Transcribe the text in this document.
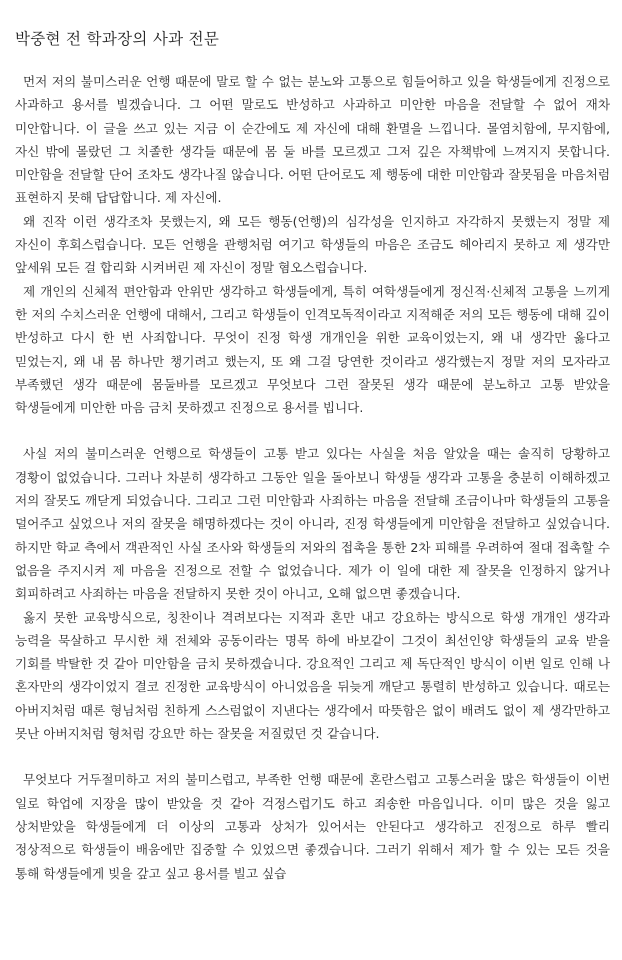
박중현 전 학과장의 사과 전문

먼저 저의 불미스러운 언행 때문에 말로 할 수 없는 분노와 고통으로 힘들어하고 있을 학생들에게 진정으로 사과하고 용서를 빌겠습니다. 그 어떤 말로도 반성하고 사과하고 미안한 마음을 전달할 수 없어 재차 미안합니다. 이 글을 쓰고 있는 지금 이 순간에도 제 자신에 대해 환멸을 느낍니다. 몰염치함에, 무지함에, 자신 밖에 몰랐던 그 치졸한 생각들 때문에 몸 둘 바를 모르겠고 그저 깊은 자책밖에 느껴지지 못합니다. 미안함을 전달할 단어 조차도 생각나질 않습니다. 어떤 단어로도 제 행동에 대한 미안함과 잘못됨을 마음처럼 표현하지 못해 답답합니다. 제 자신에.

왜 진작 이런 생각조차 못했는지, 왜 모든 행동(언행)의 심각성을 인지하고 자각하지 못했는지 정말 제 자신이 후회스럽습니다. 모든 언행을 관행처럼 여기고 학생들의 마음은 조금도 헤아리지 못하고 제 생각만 앞세워 모든 걸 합리화 시켜버린 제 자신이 정말 혐오스럽습니다.

제 개인의 신체적 편안함과 안위만 생각하고 학생들에게, 특히 여학생들에게 정신적·신체적 고통을 느끼게 한 저의 수치스러운 언행에 대해서, 그리고 학생들이 인격모독적이라고 지적해준 저의 모든 행동에 대해 깊이 반성하고 다시 한 번 사죄합니다. 무엇이 진정 학생 개개인을 위한 교육이었는지, 왜 내 생각만 옳다고 믿었는지, 왜 내 몸 하나만 챙기려고 했는지, 또 왜 그걸 당연한 것이라고 생각했는지 정말 저의 모자라고 부족했던 생각 때문에 몸둘바를 모르겠고 무엇보다 그런 잘못된 생각 때문에 분노하고 고통 받았을 학생들에게 미안한 마음 금치 못하겠고 진정으로 용서를 빕니다.

사실 저의 불미스러운 언행으로 학생들이 고통 받고 있다는 사실을 처음 알았을 때는 솔직히 당황하고 경황이 없었습니다. 그러나 차분히 생각하고 그동안 일을 돌아보니 학생들 생각과 고통을 충분히 이해하겠고 저의 잘못도 깨닫게 되었습니다. 그리고 그런 미안함과 사죄하는 마음을 전달해 조금이나마 학생들의 고통을 덜어주고 싶었으나 저의 잘못을 해명하겠다는 것이 아니라, 진정 학생들에게 미안함을 전달하고 싶었습니다. 하지만 학교 측에서 객관적인 사실 조사와 학생들의 저와의 접촉을 통한 2차 피해를 우려하여 절대 접촉할 수 없음을 주지시켜 제 마음을 진정으로 전할 수 없었습니다. 제가 이 일에 대한 제 잘못을 인정하지 않거나 회피하려고 사죄하는 마음을 전달하지 못한 것이 아니고, 오해 없으면 좋겠습니다.

옳지 못한 교육방식으로, 칭찬이나 격려보다는 지적과 혼만 내고 강요하는 방식으로 학생 개개인 생각과 능력을 묵살하고 무시한 채 전체와 공동이라는 명목 하에 바보같이 그것이 최선인양 학생들의 교육 받을 기회를 박탈한 것 같아 미안함을 금치 못하겠습니다. 강요적인 그리고 제 독단적인 방식이 이번 일로 인해 나 혼자만의 생각이었지 결코 진정한 교육방식이 아니었음을 뒤늦게 깨닫고 통렬히 반성하고 있습니다. 때로는 아버지처럼 때론 형님처럼 친하게 스스럼없이 지낸다는 생각에서 따뜻함은 없이 배려도 없이 제 생각만하고 못난 아버지처럼 형처럼 강요만 하는 잘못을 저질렀던 것 같습니다.

무엇보다 거두절미하고 저의 불미스럽고, 부족한 언행 때문에 혼란스럽고 고통스러울 많은 학생들이 이번 일로 학업에 지장을 많이 받았을 것 같아 걱정스럽기도 하고 죄송한 마음입니다. 이미 많은 것을 잃고 상처받았을 학생들에게 더 이상의 고통과 상처가 있어서는 안된다고 생각하고 진정으로 하루 빨리 정상적으로 학생들이 배움에만 집중할 수 있었으면 좋겠습니다. 그러기 위해서 제가 할 수 있는 모든 것을 통해 학생들에게 빚을 갚고 싶고 용서를 빌고 싶습
